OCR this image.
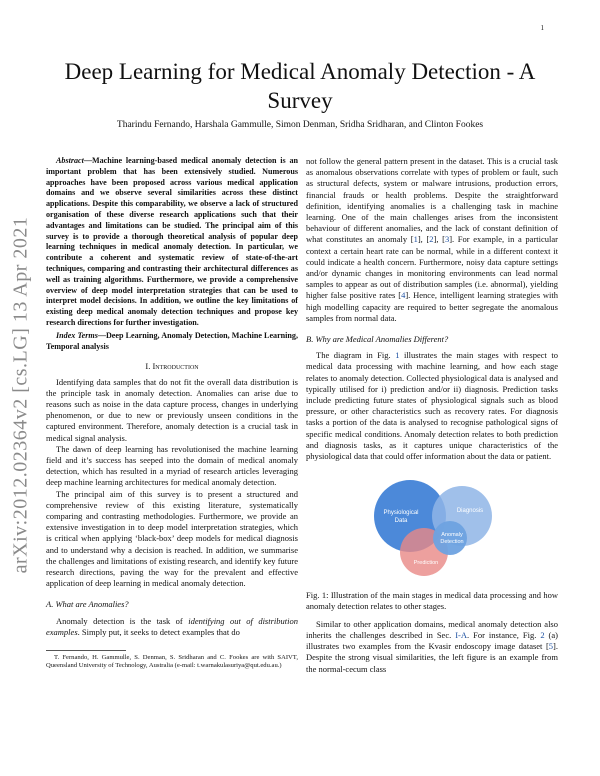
1
arXiv:2012.02364v2 [cs.LG] 13 Apr 2021
Deep Learning for Medical Anomaly Detection - A Survey
Tharindu Fernando, Harshala Gammulle, Simon Denman, Sridha Sridharan, and Clinton Fookes

Abstract—Machine learning-based medical anomaly detection is an important problem that has been extensively studied. Numerous approaches have been proposed across various medical application domains and we observe several similarities across these distinct applications. Despite this comparability, we observe a lack of structured organisation of these diverse research applications such that their advantages and limitations can be studied. The principal aim of this survey is to provide a thorough theoretical analysis of popular deep learning techniques in medical anomaly detection. In particular, we contribute a coherent and systematic review of state-of-the-art techniques, comparing and contrasting their architectural differences as well as training algorithms. Furthermore, we provide a comprehensive overview of deep model interpretation strategies that can be used to interpret model decisions. In addition, we outline the key limitations of existing deep medical anomaly detection techniques and propose key research directions for further investigation.

Index Terms—Deep Learning, Anomaly Detection, Machine Learning, Temporal analysis

I. Introduction

Identifying data samples that do not fit the overall data distribution is the principle task in anomaly detection. Anomalies can arise due to reasons such as noise in the data capture process, changes in underlying phenomenon, or due to new or previously unseen conditions in the captured environment. Therefore, anomaly detection is a crucial task in medical signal analysis.

The dawn of deep learning has revolutionised the machine learning field and it’s success has seeped into the domain of medical anomaly detection, which has resulted in a myriad of research articles leveraging deep machine learning architectures for medical anomaly detection.

The principal aim of this survey is to present a structured and comprehensive review of this existing literature, systematically comparing and contrasting methodologies. Furthermore, we provide an extensive investigation in to deep model interpretation strategies, which is critical when applying ‘black-box’ deep models for medical diagnosis and to understand why a decision is reached. In addition, we summarise the challenges and limitations of existing research, and identify key future research directions, paving the way for the prevalent and effective application of deep learning in medical anomaly detection.

A. What are Anomalies?

Anomaly detection is the task of identifying out of distribution examples. Simply put, it seeks to detect examples that do

T. Fernando, H. Gammulle, S. Denman, S. Sridharan and C. Fookes are with SAIVT, Queensland University of Technology, Australia (e-mail: t.warnakulasuriya@qut.edu.au.)

not follow the general pattern present in the dataset. This is a crucial task as anomalous observations correlate with types of problem or fault, such as structural defects, system or malware intrusions, production errors, financial frauds or health problems. Despite the straightforward definition, identifying anomalies is a challenging task in machine learning. One of the main challenges arises from the inconsistent behaviour of different anomalies, and the lack of constant definition of what constitutes an anomaly [1], [2], [3]. For example, in a particular context a certain heart rate can be normal, while in a different context it could indicate a health concern. Furthermore, noisy data capture settings and/or dynamic changes in monitoring environments can lead normal samples to appear as out of distribution samples (i.e. abnormal), yielding higher false positive rates [4]. Hence, intelligent learning strategies with high modelling capacity are required to better segregate the anomalous samples from normal data.

B. Why are Medical Anomalies Different?

The diagram in Fig. 1 illustrates the main stages with respect to medical data processing with machine learning, and how each stage relates to anomaly detection. Collected physiological data is analysed and typically utilised for i) prediction and/or ii) diagnosis. Prediction tasks include predicting future states of physiological signals such as blood pressure, or other characteristics such as recovery rates. For diagnosis tasks a portion of the data is analysed to recognise pathological signs of specific medical conditions. Anomaly detection relates to both prediction and diagnosis tasks, as it captures unique characteristics of the physiological data that could offer information about the data or patient.

Physiological Data
Diagnosis
Prediction
Anomaly Detection

Fig. 1: Illustration of the main stages in medical data processing and how anomaly detection relates to other stages.

Similar to other application domains, medical anomaly detection also inherits the challenges described in Sec. I-A. For instance, Fig. 2 (a) illustrates two examples from the Kvasir endoscopy image dataset [5]. Despite the strong visual similarities, the left figure is an example from the normal-cecum class
